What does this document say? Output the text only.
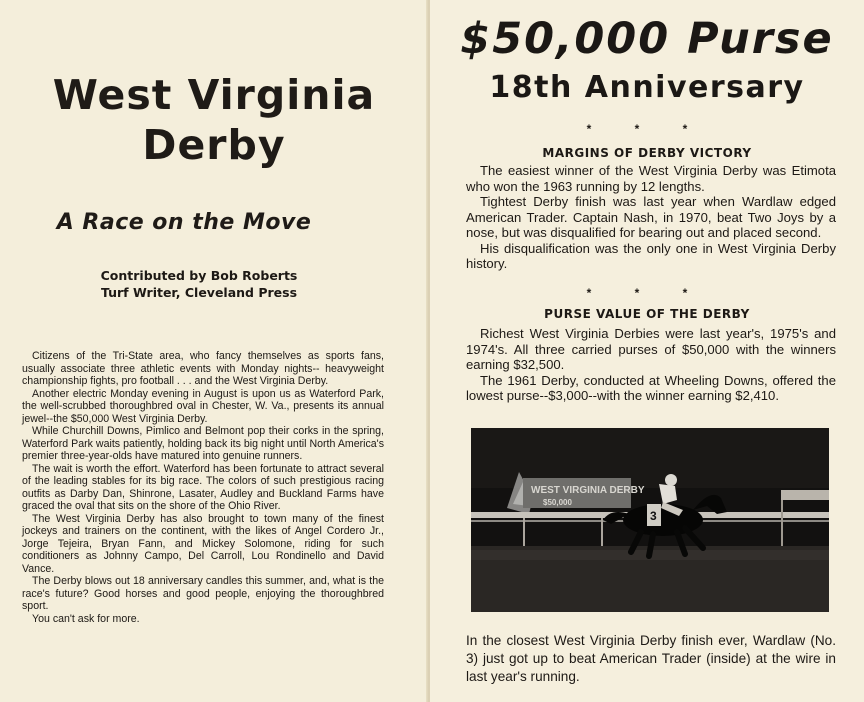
West Virginia
Derby
A Race on the Move
Contributed by Bob Roberts
Turf Writer, Cleveland Press

Citizens of the Tri-State area, who fancy themselves as sports fans, usually associate three athletic events with Monday nights-- heavyweight championship fights, pro football . . . and the West Virginia Derby.

Another electric Monday evening in August is upon us as Waterford Park, the well-scrubbed thoroughbred oval in Chester, W. Va., presents its annual jewel--the $50,000 West Virginia Derby.

While Churchill Downs, Pimlico and Belmont pop their corks in the spring, Waterford Park waits patiently, holding back its big night until North America's premier three-year-olds have matured into genuine runners.

The wait is worth the effort. Waterford has been fortunate to attract several of the leading stables for its big race. The colors of such prestigious racing outfits as Darby Dan, Shinrone, Lasater, Audley and Buckland Farms have graced the oval that sits on the shore of the Ohio River.

The West Virginia Derby has also brought to town many of the finest jockeys and trainers on the continent, with the likes of Angel Cordero Jr., Jorge Tejeira, Bryan Fann, and Mickey Solomone, riding for such conditioners as Johnny Campo, Del Carroll, Lou Rondinello and David Vance.

The Derby blows out 18 anniversary candles this summer, and, what is the race's future? Good horses and good people, enjoying the thoroughbred sport.

You can't ask for more.

$50,000 Purse
18th Anniversary
* * *
MARGINS OF DERBY VICTORY

The easiest winner of the West Virginia Derby was Etimota who won the 1963 running by 12 lengths.

Tightest Derby finish was last year when Wardlaw edged American Trader. Captain Nash, in 1970, beat Two Joys by a nose, but was disqualified for bearing out and placed second.

His disqualification was the only one in West Virginia Derby history.

* * *
PURSE VALUE OF THE DERBY

Richest West Virginia Derbies were last year's, 1975's and 1974's. All three carried purses of $50,000 with the winners earning $32,500.

The 1961 Derby, conducted at Wheeling Downs, offered the lowest purse--$3,000--with the winner earning $2,410.

WEST VIRGINIA DERBY
$50,000
3
In the closest West Virginia Derby finish ever, Wardlaw (No. 3) just got up to beat American Trader (inside) at the wire in last year's running.
